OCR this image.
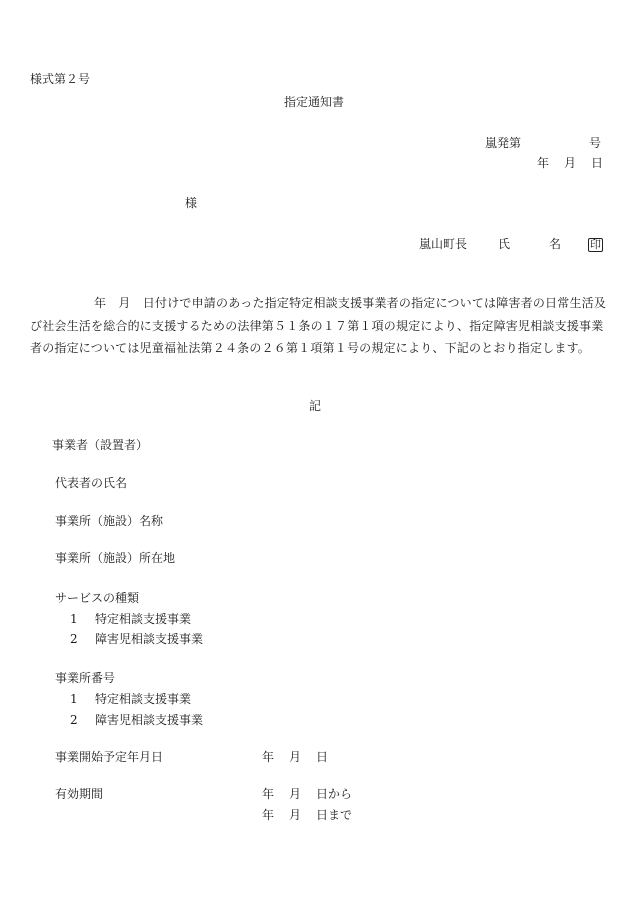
様式第２号
指定通知書
嵐発第	号
年 月 日
様
嵐山町長	氏	名	印
年　月　日付けで申請のあった指定特定相談支援事業者の指定については障害者の日常生活及び社会生活を総合的に支援するための法律第５１条の１７第１項の規定により、指定障害児相談支援事業者の指定については児童福祉法第２４条の２６第１項第１号の規定により、下記のとおり指定します。
記
事業者（設置者）
代表者の氏名
事業所（施設）名称
事業所（施設）所在地
サービスの種類
1 特定相談支援事業
2 障害児相談支援事業
事業所番号
1 特定相談支援事業
2 障害児相談支援事業
事業開始予定年月日	年 月 日
有効期間	年 月 日から
年 月 日まで
